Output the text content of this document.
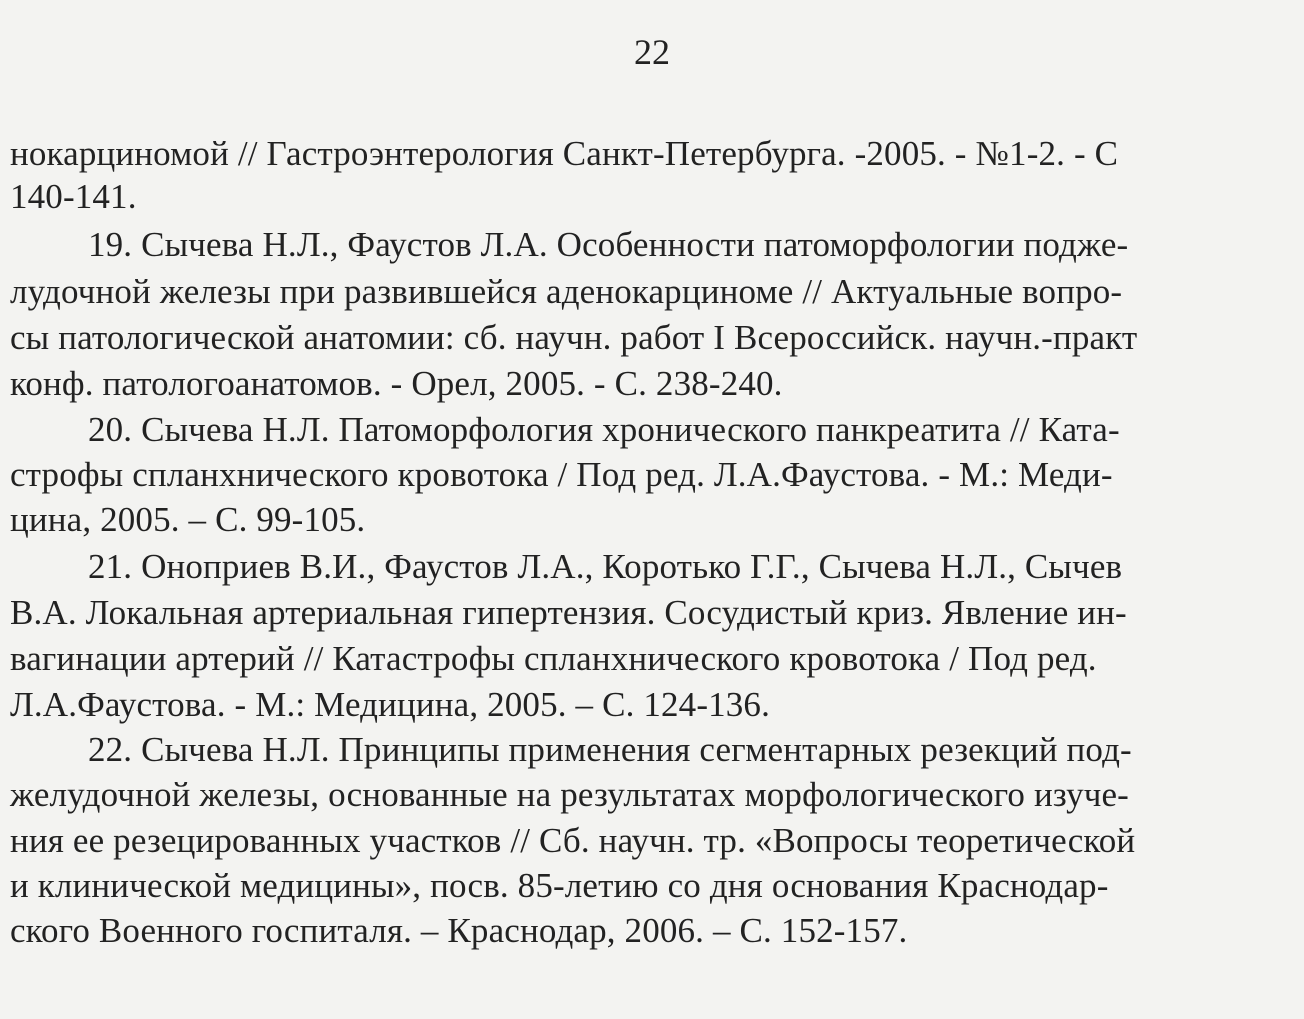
22
нокарциномой // Гастроэнтерология Санкт-Петербурга. -2005. - №1-2. - С
140-141.
19. Сычева Н.Л., Фаустов Л.А. Особенности патоморфологии подже-
лудочной железы при развившейся аденокарциноме // Актуальные вопро-
сы патологической анатомии: сб. научн. работ I Всероссийск. научн.-практ
конф. патологоанатомов. - Орел, 2005. - С. 238-240.
20. Сычева Н.Л. Патоморфология хронического панкреатита // Ката-
строфы спланхнического кровотока / Под ред. Л.А.Фаустова. - М.: Меди-
цина, 2005. – С. 99-105.
21. Оноприев В.И., Фаустов Л.А., Коротько Г.Г., Сычева Н.Л., Сычев
В.А. Локальная артериальная гипертензия. Сосудистый криз. Явление ин-
вагинации артерий // Катастрофы спланхнического кровотока / Под ред.
Л.А.Фаустова. - М.: Медицина, 2005. – С. 124-136.
22. Сычева Н.Л. Принципы применения сегментарных резекций под-
желудочной железы, основанные на результатах морфологического изуче-
ния ее резецированных участков // Сб. научн. тр. «Вопросы теоретической
и клинической медицины», посв. 85-летию со дня основания Краснодар-
ского Военного госпиталя. – Краснодар, 2006. – С. 152-157.
